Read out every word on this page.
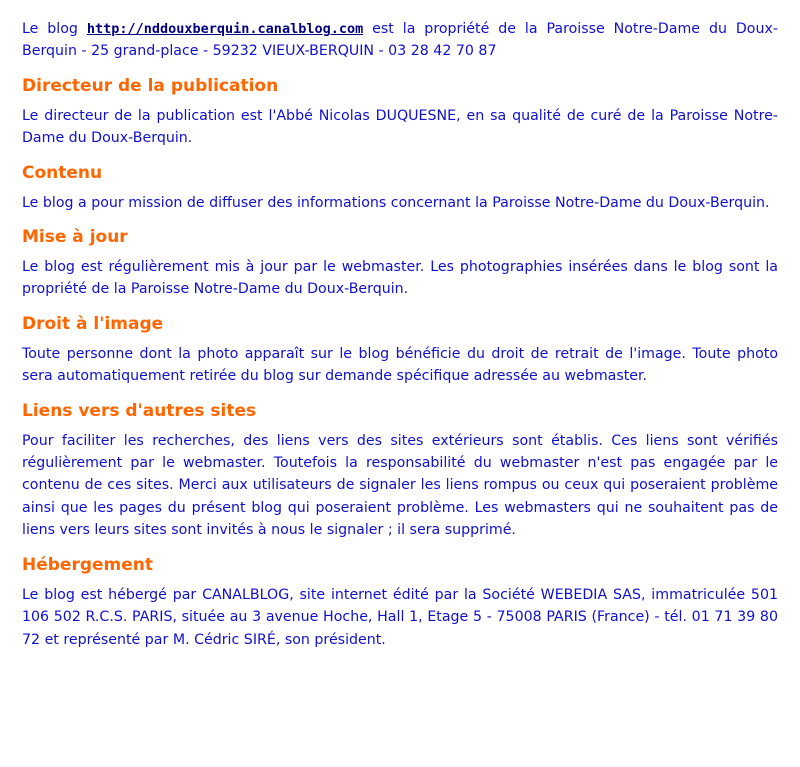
Le blog http://nddouxberquin.canalblog.com est la propriété de la Paroisse Notre-Dame du Doux-Berquin - 25 grand-place - 59232 VIEUX-BERQUIN - 03 28 42 70 87

Directeur de la publication

Le directeur de la publication est l'Abbé Nicolas DUQUESNE, en sa qualité de curé de la Paroisse Notre-Dame du Doux-Berquin.

Contenu

Le blog a pour mission de diffuser des informations concernant la Paroisse Notre-Dame du Doux-Berquin.

Mise à jour

Le blog est régulièrement mis à jour par le webmaster. Les photographies insérées dans le blog sont la propriété de la Paroisse Notre-Dame du Doux-Berquin.

Droit à l'image

Toute personne dont la photo apparaît sur le blog bénéficie du droit de retrait de l'image. Toute photo sera automatiquement retirée du blog sur demande spécifique adressée au webmaster.

Liens vers d'autres sites

Pour faciliter les recherches, des liens vers des sites extérieurs sont établis. Ces liens sont vérifiés régulièrement par le webmaster. Toutefois la responsabilité du webmaster n'est pas engagée par le contenu de ces sites. Merci aux utilisateurs de signaler les liens rompus ou ceux qui poseraient problème ainsi que les pages du présent blog qui poseraient problème. Les webmasters qui ne souhaitent pas de liens vers leurs sites sont invités à nous le signaler ; il sera supprimé.

Hébergement

Le blog est hébergé par CANALBLOG, site internet édité par la Société WEBEDIA SAS, immatriculée 501 106 502 R.C.S. PARIS, située au 3 avenue Hoche, Hall 1, Etage 5 - 75008 PARIS (France) - tél. 01 71 39 80 72 et représenté par M. Cédric SIRÉ, son président.
